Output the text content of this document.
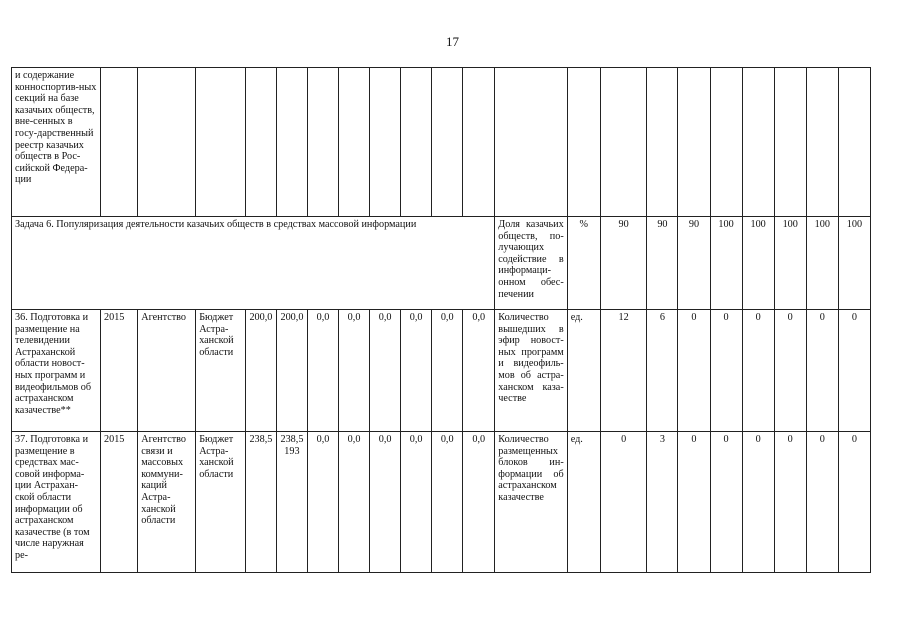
17
и содержание конноспортив-ных секций на базе казачьих обществ, вне-сенных в госу-дарственный реестр казачьих обществ в Рос-сийской Федера-ции																					
Задача 6. Популяризация деятельности казачьих обществ в средствах массовой информации												Доля казачьих обществ, по-лучающих содействие в информаци-онном обес-печении	%	90	90	90	100	100	100	100	100
36. Подготовка и размещение на телевидении Астраханской области новост-ных программ и видеофильмов об астраханском казачестве**	2015	Агентство	Бюджет Астра-ханской области	200,0	200,0	0,0	0,0	0,0	0,0	0,0	0,0	Количество вышедших в эфир новост-ных программ и видеофиль-мов об астра-ханском каза-честве	ед.	12	6	0	0	0	0	0	0
37. Подготовка и размещение в средствах мас-совой информа-ции Астрахан-ской области информации об астраханском казачестве (в том числе наружная ре-	2015	Агентство связи и массовых коммуни-каций Астра-ханской области	Бюджет Астра-ханской области	238,5	238,5193	0,0	0,0	0,0	0,0	0,0	0,0	Количество размещенных блоков ин-формации об астраханском казачестве	ед.	0	3	0	0	0	0	0	0
